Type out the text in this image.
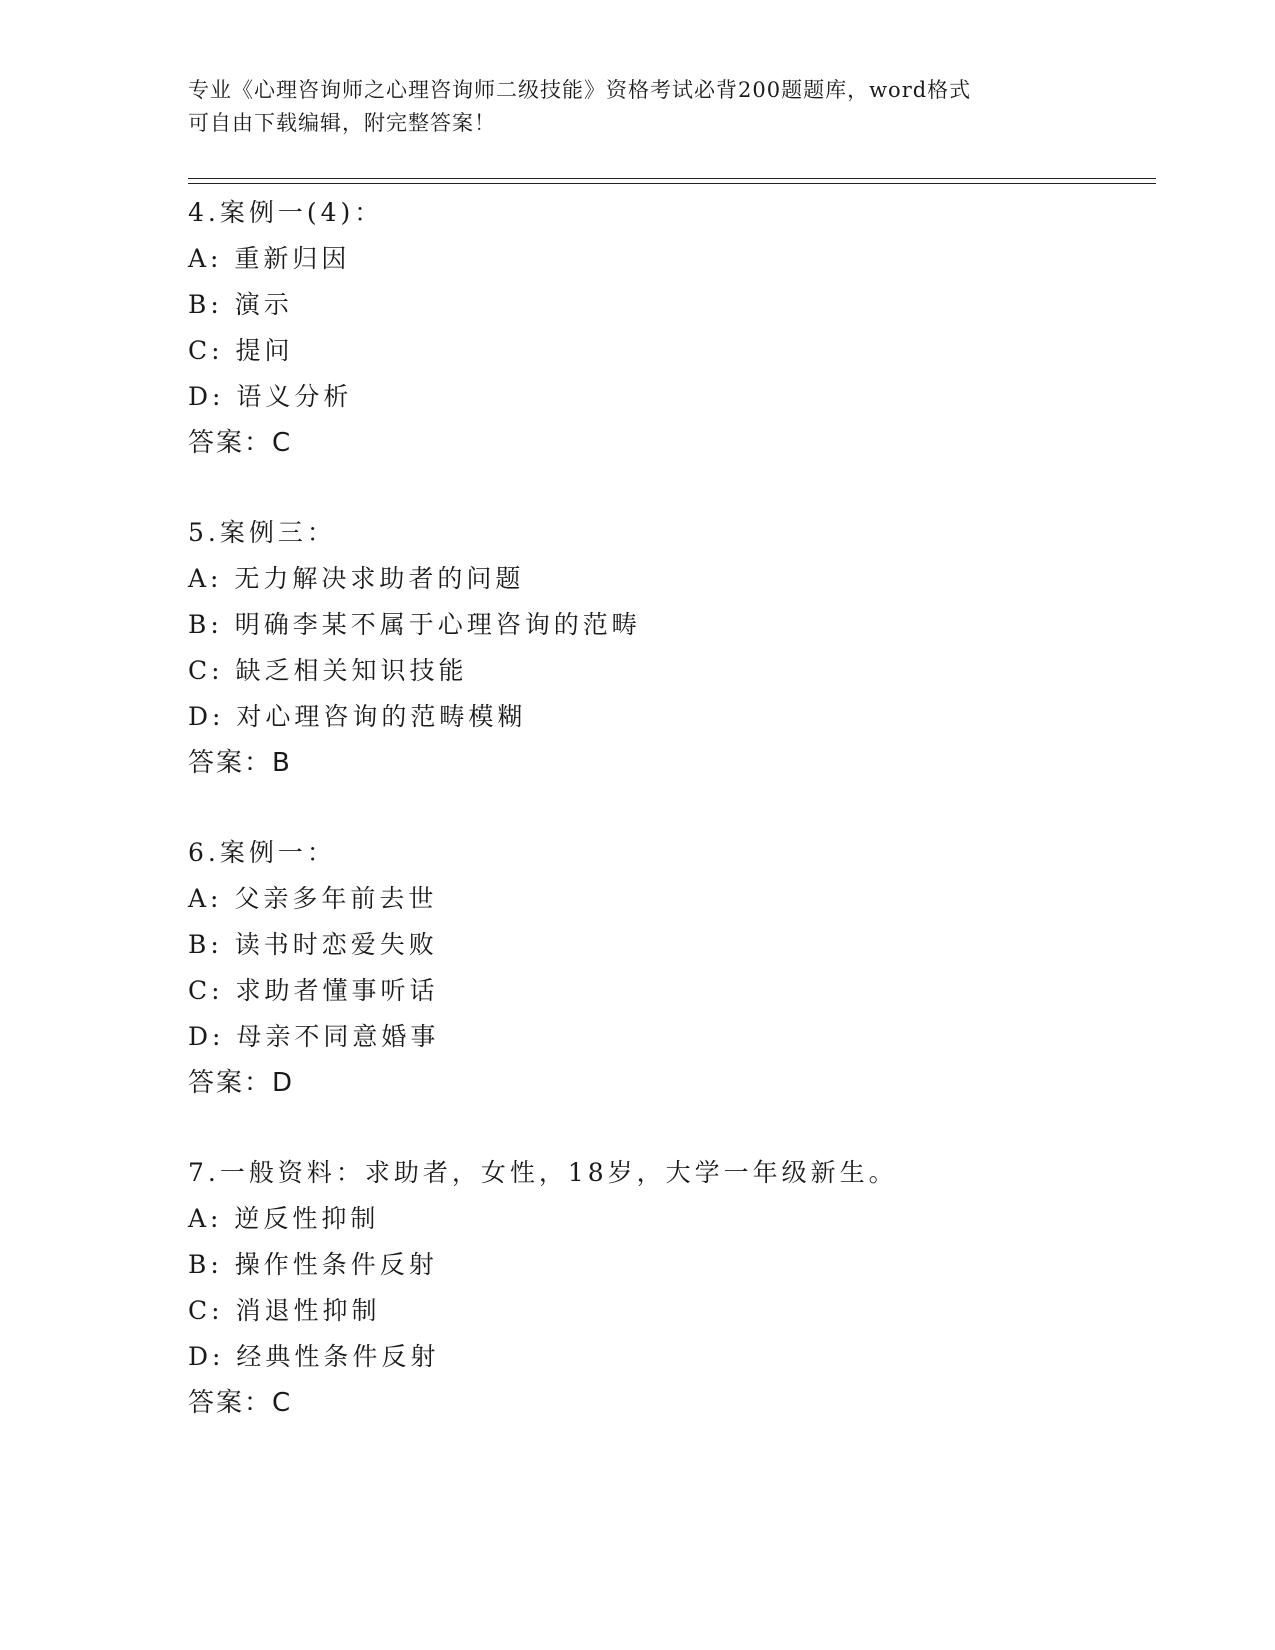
专业《心理咨询师之心理咨询师二级技能》资格考试必背200题题库，word格式
可自由下载编辑，附完整答案！
4.案例一(4)：
A: 重新归因
B: 演示
C: 提问
D: 语义分析
答案：C
5.案例三：
A: 无力解决求助者的问题
B: 明确李某不属于心理咨询的范畴
C: 缺乏相关知识技能
D: 对心理咨询的范畴模糊
答案：B
6.案例一：
A: 父亲多年前去世
B: 读书时恋爱失败
C: 求助者懂事听话
D: 母亲不同意婚事
答案：D
7.一般资料：求助者，女性，18岁，大学一年级新生。
A: 逆反性抑制
B: 操作性条件反射
C: 消退性抑制
D: 经典性条件反射
答案：C
